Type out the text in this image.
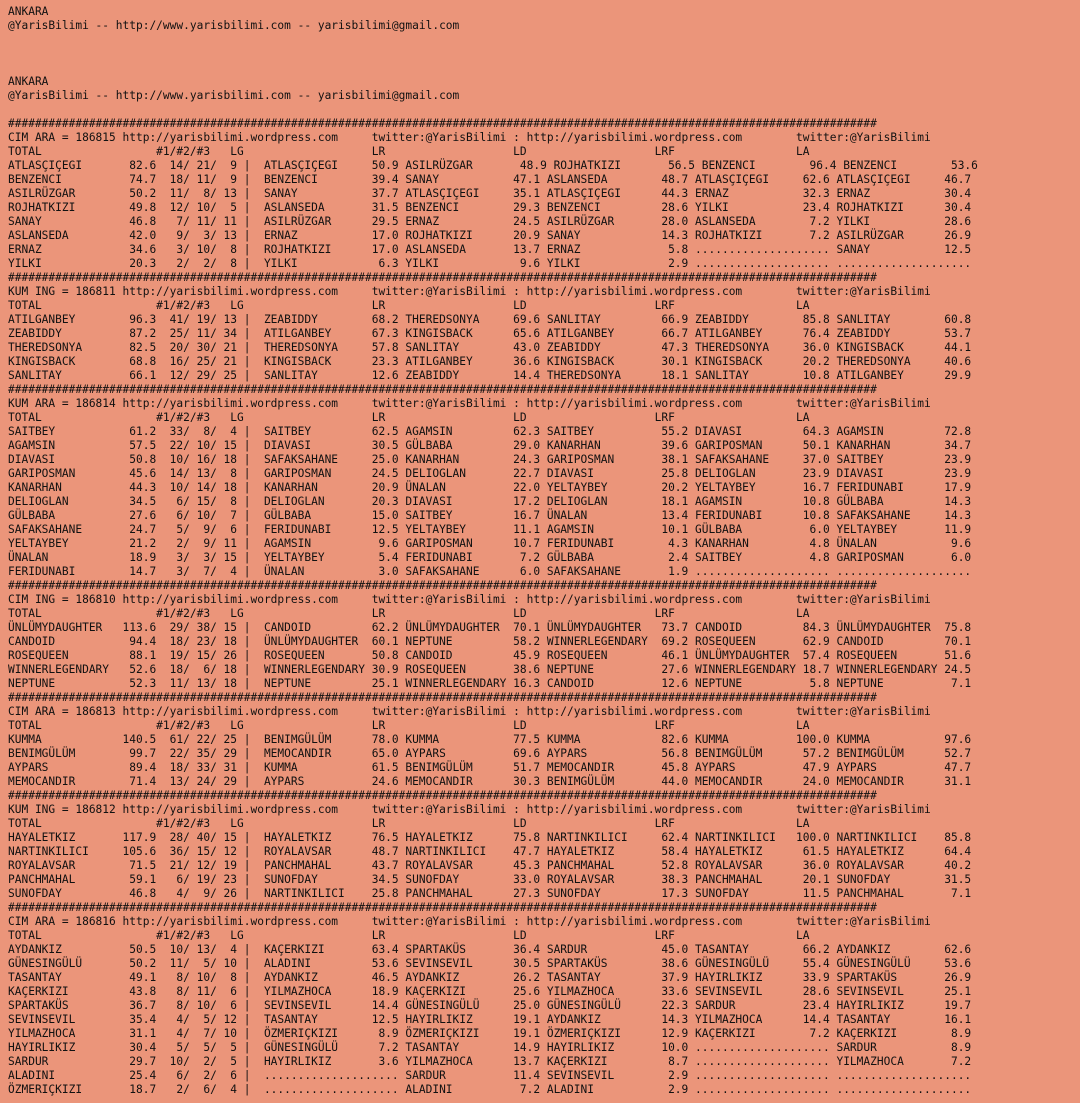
ANKARA
@YarisBilimi -- http://www.yarisbilimi.com -- yarisbilimi@gmail.com

ANKARA
@YarisBilimi -- http://www.yarisbilimi.com -- yarisbilimi@gmail.com

#################################################################################################################################
CIM ARA = 186815 http://yarisbilimi.wordpress.com     twitter:@YarisBilimi : http://yarisbilimi.wordpress.com        twitter:@YarisBilimi
TOTAL                 #1/#2/#3   LG                   LR                   LD                   LRF                  LA
ATLASÇIÇEGI       82.6  14/ 21/  9 |  ATLASÇIÇEGI     50.9 ASILRÜZGAR       48.9 ROJHATKIZI       56.5 BENZENCI        96.4 BENZENCI        53.6
BENZENCI          74.7  18/ 11/  9 |  BENZENCI        39.4 SANAY           47.1 ASLANSEDA        48.7 ATLASÇIÇEGI     62.6 ATLASÇIÇEGI     46.7
ASILRÜZGAR        50.2  11/  8/ 13 |  SANAY           37.7 ATLASÇIÇEGI     35.1 ATLASÇIÇEGI      44.3 ERNAZ           32.3 ERNAZ           30.4
ROJHATKIZI        49.8  12/ 10/  5 |  ASLANSEDA       31.5 BENZENCI        29.3 BENZENCI         28.6 YILKI           23.4 ROJHATKIZI      30.4
SANAY             46.8   7/ 11/ 11 |  ASILRÜZGAR      29.5 ERNAZ           24.5 ASILRÜZGAR       28.0 ASLANSEDA        7.2 YILKI           28.6
ASLANSEDA         42.0   9/  3/ 13 |  ERNAZ           17.0 ROJHATKIZI      20.9 SANAY            14.3 ROJHATKIZI       7.2 ASILRÜZGAR      26.9
ERNAZ             34.6   3/ 10/  8 |  ROJHATKIZI      17.0 ASLANSEDA       13.7 ERNAZ             5.8 .................... SANAY           12.5
YILKI             20.3   2/  2/  8 |  YILKI            6.3 YILKI            9.6 YILKI             2.9 .................... ....................
#################################################################################################################################
KUM ING = 186811 http://yarisbilimi.wordpress.com     twitter:@YarisBilimi : http://yarisbilimi.wordpress.com        twitter:@YarisBilimi
TOTAL                 #1/#2/#3   LG                   LR                   LD                   LRF                  LA
ATILGANBEY        96.3  41/ 19/ 13 |  ZEABIDDY        68.2 THEREDSONYA     69.6 SANLITAY         66.9 ZEABIDDY        85.8 SANLITAY        60.8
ZEABIDDY          87.2  25/ 11/ 34 |  ATILGANBEY      67.3 KINGISBACK      65.6 ATILGANBEY       66.7 ATILGANBEY      76.4 ZEABIDDY        53.7
THEREDSONYA       82.5  20/ 30/ 21 |  THEREDSONYA     57.8 SANLITAY        43.0 ZEABIDDY         47.3 THEREDSONYA     36.0 KINGISBACK      44.1
KINGISBACK        68.8  16/ 25/ 21 |  KINGISBACK      23.3 ATILGANBEY      36.6 KINGISBACK       30.1 KINGISBACK      20.2 THEREDSONYA     40.6
SANLITAY          66.1  12/ 29/ 25 |  SANLITAY        12.6 ZEABIDDY        14.4 THEREDSONYA      18.1 SANLITAY        10.8 ATILGANBEY      29.9
#################################################################################################################################
KUM ARA = 186814 http://yarisbilimi.wordpress.com     twitter:@YarisBilimi : http://yarisbilimi.wordpress.com        twitter:@YarisBilimi
TOTAL                 #1/#2/#3   LG                   LR                   LD                   LRF                  LA
SAITBEY           61.2  33/  8/  4 |  SAITBEY         62.5 AGAMSIN         62.3 SAITBEY          55.2 DIAVASI         64.3 AGAMSIN         72.8
AGAMSIN           57.5  22/ 10/ 15 |  DIAVASI         30.5 GÜLBABA         29.0 KANARHAN         39.6 GARIPOSMAN      50.1 KANARHAN        34.7
DIAVASI           50.8  10/ 16/ 18 |  SAFAKSAHANE     25.0 KANARHAN        24.3 GARIPOSMAN       38.1 SAFAKSAHANE     37.0 SAITBEY         23.9
GARIPOSMAN        45.6  14/ 13/  8 |  GARIPOSMAN      24.5 DELIOGLAN       22.7 DIAVASI          25.8 DELIOGLAN       23.9 DIAVASI         23.9
KANARHAN          44.3  10/ 14/ 18 |  KANARHAN        20.9 ÜNALAN          22.0 YELTAYBEY        20.2 YELTAYBEY       16.7 FERIDUNABI      17.9
DELIOGLAN         34.5   6/ 15/  8 |  DELIOGLAN       20.3 DIAVASI         17.2 DELIOGLAN        18.1 AGAMSIN         10.8 GÜLBABA         14.3
GÜLBABA           27.6   6/ 10/  7 |  GÜLBABA         15.0 SAITBEY         16.7 ÜNALAN           13.4 FERIDUNABI      10.8 SAFAKSAHANE     14.3
SAFAKSAHANE       24.7   5/  9/  6 |  FERIDUNABI      12.5 YELTAYBEY       11.1 AGAMSIN          10.1 GÜLBABA          6.0 YELTAYBEY       11.9
YELTAYBEY         21.2   2/  9/ 11 |  AGAMSIN          9.6 GARIPOSMAN      10.7 FERIDUNABI        4.3 KANARHAN         4.8 ÜNALAN           9.6
ÜNALAN            18.9   3/  3/ 15 |  YELTAYBEY        5.4 FERIDUNABI       7.2 GÜLBABA           2.4 SAITBEY          4.8 GARIPOSMAN       6.0
FERIDUNABI        14.7   3/  7/  4 |  ÜNALAN           3.0 SAFAKSAHANE      6.0 SAFAKSAHANE       1.9 .................... ....................
#################################################################################################################################
CIM ING = 186810 http://yarisbilimi.wordpress.com     twitter:@YarisBilimi : http://yarisbilimi.wordpress.com        twitter:@YarisBilimi
TOTAL                 #1/#2/#3   LG                   LR                   LD                   LRF                  LA
ÜNLÜMYDAUGHTER   113.6  29/ 38/ 15 |  CANDOID         62.2 ÜNLÜMYDAUGHTER  70.1 ÜNLÜMYDAUGHTER   73.7 CANDOID         84.3 ÜNLÜMYDAUGHTER  75.8
CANDOID           94.4  18/ 23/ 18 |  ÜNLÜMYDAUGHTER  60.1 NEPTUNE         58.2 WINNERLEGENDARY  69.2 ROSEQUEEN       62.9 CANDOID         70.1
ROSEQUEEN         88.1  19/ 15/ 26 |  ROSEQUEEN       50.8 CANDOID         45.9 ROSEQUEEN        46.1 ÜNLÜMYDAUGHTER  57.4 ROSEQUEEN       51.6
WINNERLEGENDARY   52.6  18/  6/ 18 |  WINNERLEGENDARY 30.9 ROSEQUEEN       38.6 NEPTUNE          27.6 WINNERLEGENDARY 18.7 WINNERLEGENDARY 24.5
NEPTUNE           52.3  11/ 13/ 18 |  NEPTUNE         25.1 WINNERLEGENDARY 16.3 CANDOID          12.6 NEPTUNE          5.8 NEPTUNE          7.1
#################################################################################################################################
CIM ARA = 186813 http://yarisbilimi.wordpress.com     twitter:@YarisBilimi : http://yarisbilimi.wordpress.com        twitter:@YarisBilimi
TOTAL                 #1/#2/#3   LG                   LR                   LD                   LRF                  LA
KUMMA            140.5  61/ 22/ 25 |  BENIMGÜLÜM      78.0 KUMMA           77.5 KUMMA            82.6 KUMMA          100.0 KUMMA           97.6
BENIMGÜLÜM        99.7  22/ 35/ 29 |  MEMOCANDIR      65.0 AYPARS          69.6 AYPARS           56.8 BENIMGÜLÜM      57.2 BENIMGÜLÜM      52.7
AYPARS            89.4  18/ 33/ 31 |  KUMMA           61.5 BENIMGÜLÜM      51.7 MEMOCANDIR       45.8 AYPARS          47.9 AYPARS          47.7
MEMOCANDIR        71.4  13/ 24/ 29 |  AYPARS          24.6 MEMOCANDIR      30.3 BENIMGÜLÜM       44.0 MEMOCANDIR      24.0 MEMOCANDIR      31.1
#################################################################################################################################
KUM ING = 186812 http://yarisbilimi.wordpress.com     twitter:@YarisBilimi : http://yarisbilimi.wordpress.com        twitter:@YarisBilimi
TOTAL                 #1/#2/#3   LG                   LR                   LD                   LRF                  LA
HAYALETKIZ       117.9  28/ 40/ 15 |  HAYALETKIZ      76.5 HAYALETKIZ      75.8 NARTINKILICI     62.4 NARTINKILICI   100.0 NARTINKILICI    85.8
NARTINKILICI     105.6  36/ 15/ 12 |  ROYALAVSAR      48.7 NARTINKILICI    47.7 HAYALETKIZ       58.4 HAYALETKIZ      61.5 HAYALETKIZ      64.4
ROYALAVSAR        71.5  21/ 12/ 19 |  PANCHMAHAL      43.7 ROYALAVSAR      45.3 PANCHMAHAL       52.8 ROYALAVSAR      36.0 ROYALAVSAR      40.2
PANCHMAHAL        59.1   6/ 19/ 23 |  SUNOFDAY        34.5 SUNOFDAY        33.0 ROYALAVSAR       38.3 PANCHMAHAL      20.1 SUNOFDAY        31.5
SUNOFDAY          46.8   4/  9/ 26 |  NARTINKILICI    25.8 PANCHMAHAL      27.3 SUNOFDAY         17.3 SUNOFDAY        11.5 PANCHMAHAL       7.1
#################################################################################################################################
CIM ARA = 186816 http://yarisbilimi.wordpress.com     twitter:@YarisBilimi : http://yarisbilimi.wordpress.com        twitter:@YarisBilimi
TOTAL                 #1/#2/#3   LG                   LR                   LD                   LRF                  LA
AYDANKIZ          50.5  10/ 13/  4 |  KAÇERKIZI       63.4 SPARTAKÜS       36.4 SARDUR           45.0 TASANTAY        66.2 AYDANKIZ        62.6
GÜNESINGÜLÜ       50.2  11/  5/ 10 |  ALADINI         53.6 SEVINSEVIL      30.5 SPARTAKÜS        38.6 GÜNESINGÜLÜ     55.4 GÜNESINGÜLÜ     53.6
TASANTAY          49.1   8/ 10/  8 |  AYDANKIZ        46.5 AYDANKIZ        26.2 TASANTAY         37.9 HAYIRLIKIZ      33.9 SPARTAKÜS       26.9
KAÇERKIZI         43.8   8/ 11/  6 |  YILMAZHOCA      18.9 KAÇERKIZI       25.6 YILMAZHOCA       33.6 SEVINSEVIL      28.6 SEVINSEVIL      25.1
SPARTAKÜS         36.7   8/ 10/  6 |  SEVINSEVIL      14.4 GÜNESINGÜLÜ     25.0 GÜNESINGÜLÜ      22.3 SARDUR          23.4 HAYIRLIKIZ      19.7
SEVINSEVIL        35.4   4/  5/ 12 |  TASANTAY        12.5 HAYIRLIKIZ      19.1 AYDANKIZ         14.3 YILMAZHOCA      14.4 TASANTAY        16.1
YILMAZHOCA        31.1   4/  7/ 10 |  ÖZMERIÇKIZI      8.9 ÖZMERIÇKIZI     19.1 ÖZMERIÇKIZI      12.9 KAÇERKIZI        7.2 KAÇERKIZI        8.9
HAYIRLIKIZ        30.4   5/  5/  5 |  GÜNESINGÜLÜ      7.2 TASANTAY        14.9 HAYIRLIKIZ       10.0 .................... SARDUR           8.9
SARDUR            29.7  10/  2/  5 |  HAYIRLIKIZ       3.6 YILMAZHOCA      13.7 KAÇERKIZI         8.7 .................... YILMAZHOCA       7.2
ALADINI           25.4   6/  2/  6 |  .................... SARDUR          11.4 SEVINSEVIL        2.9 .................... ....................
ÖZMERIÇKIZI       18.7   2/  6/  4 |  .................... ALADINI          7.2 ALADINI           2.9 .................... ....................
